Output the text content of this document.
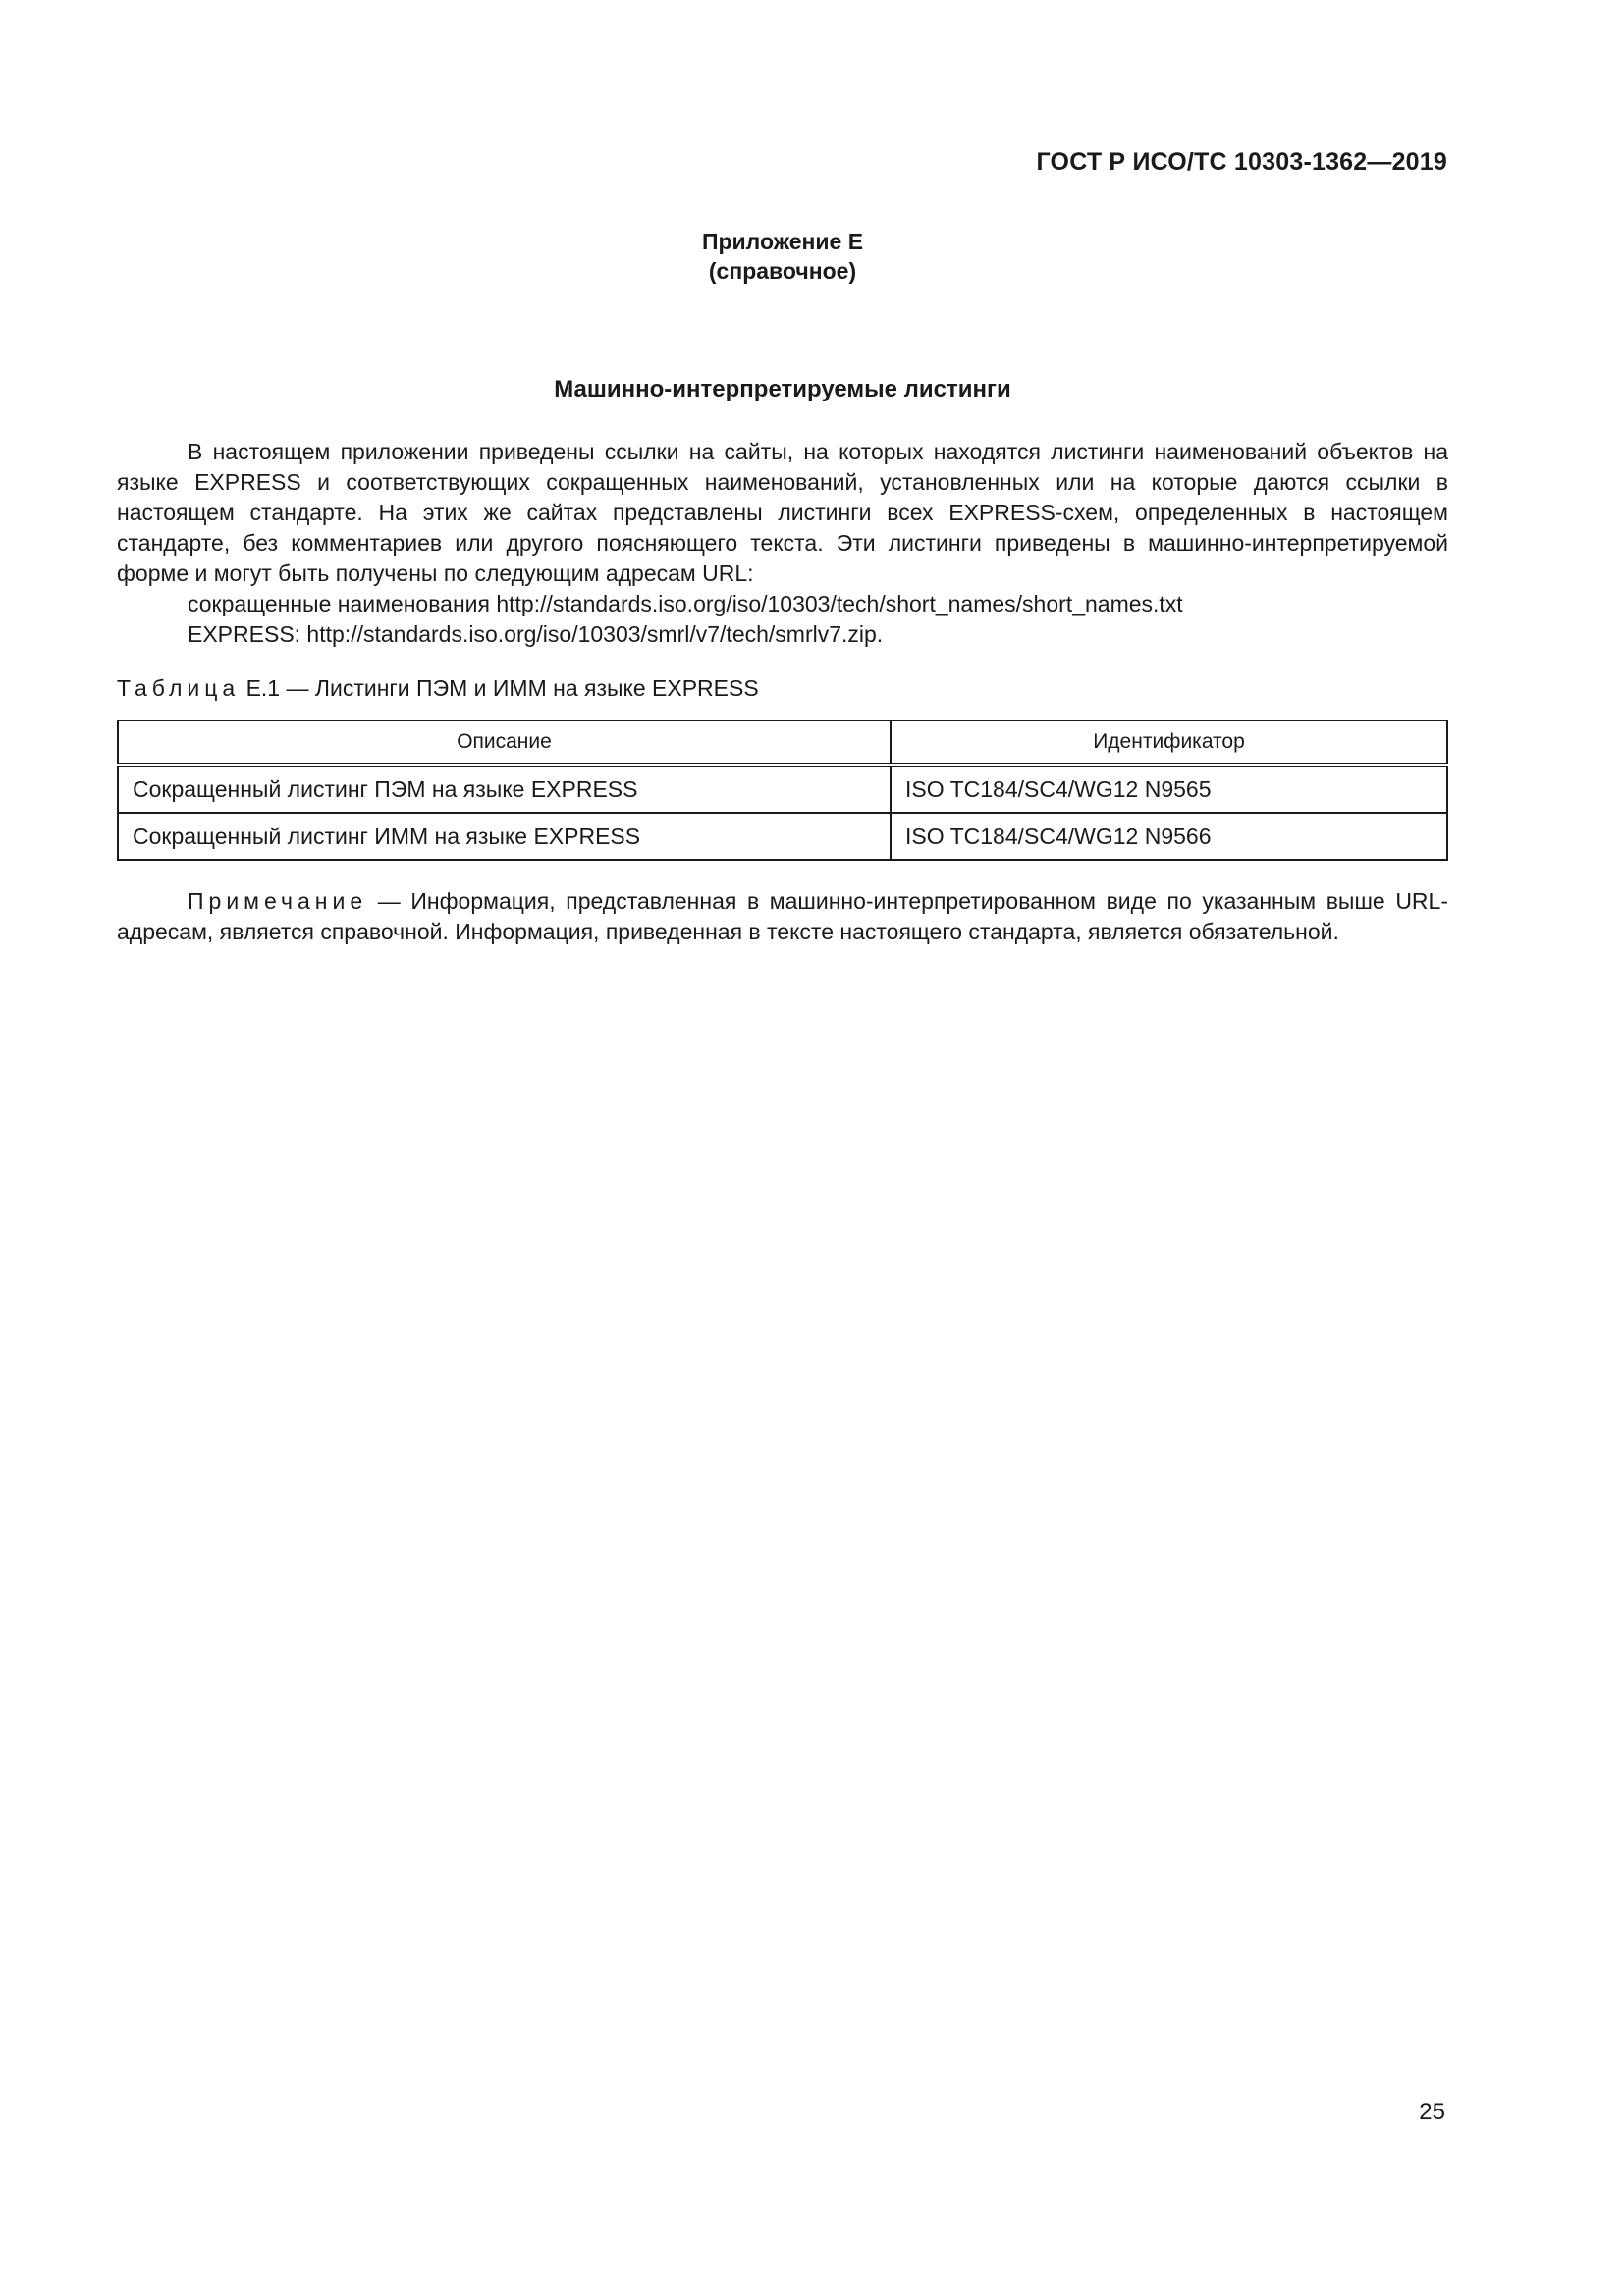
ГОСТ Р ИСО/ТС 10303-1362—2019
Приложение Е
(справочное)
Машинно-интерпретируемые листинги

В настоящем приложении приведены ссылки на сайты, на которых находятся листинги наименований объектов на языке EXPRESS и соответствующих сокращенных наименований, установленных или на которые даются ссылки в настоящем стандарте. На этих же сайтах представлены листинги всех EXPRESS-схем, определенных в настоящем стандарте, без комментариев или другого поясняющего текста. Эти листинги приведены в машинно-интерпретируемой форме и могут быть получены по следующим адресам URL:

сокращенные наименования http://standards.iso.org/iso/10303/tech/short_names/short_names.txt

EXPRESS: http://standards.iso.org/iso/10303/smrl/v7/tech/smrlv7.zip.

Таблица Е.1 — Листинги ПЭМ и ИММ на языке EXPRESS
Описание	Идентификатор
Сокращенный листинг ПЭМ на языке EXPRESS	ISO TC184/SC4/WG12 N9565
Сокращенный листинг ИММ на языке EXPRESS	ISO TC184/SC4/WG12 N9566

Примечание — Информация, представленная в машинно-интерпретированном виде по указанным выше URL-адресам, является справочной. Информация, приведенная в тексте настоящего стандарта, является обязательной.

25
